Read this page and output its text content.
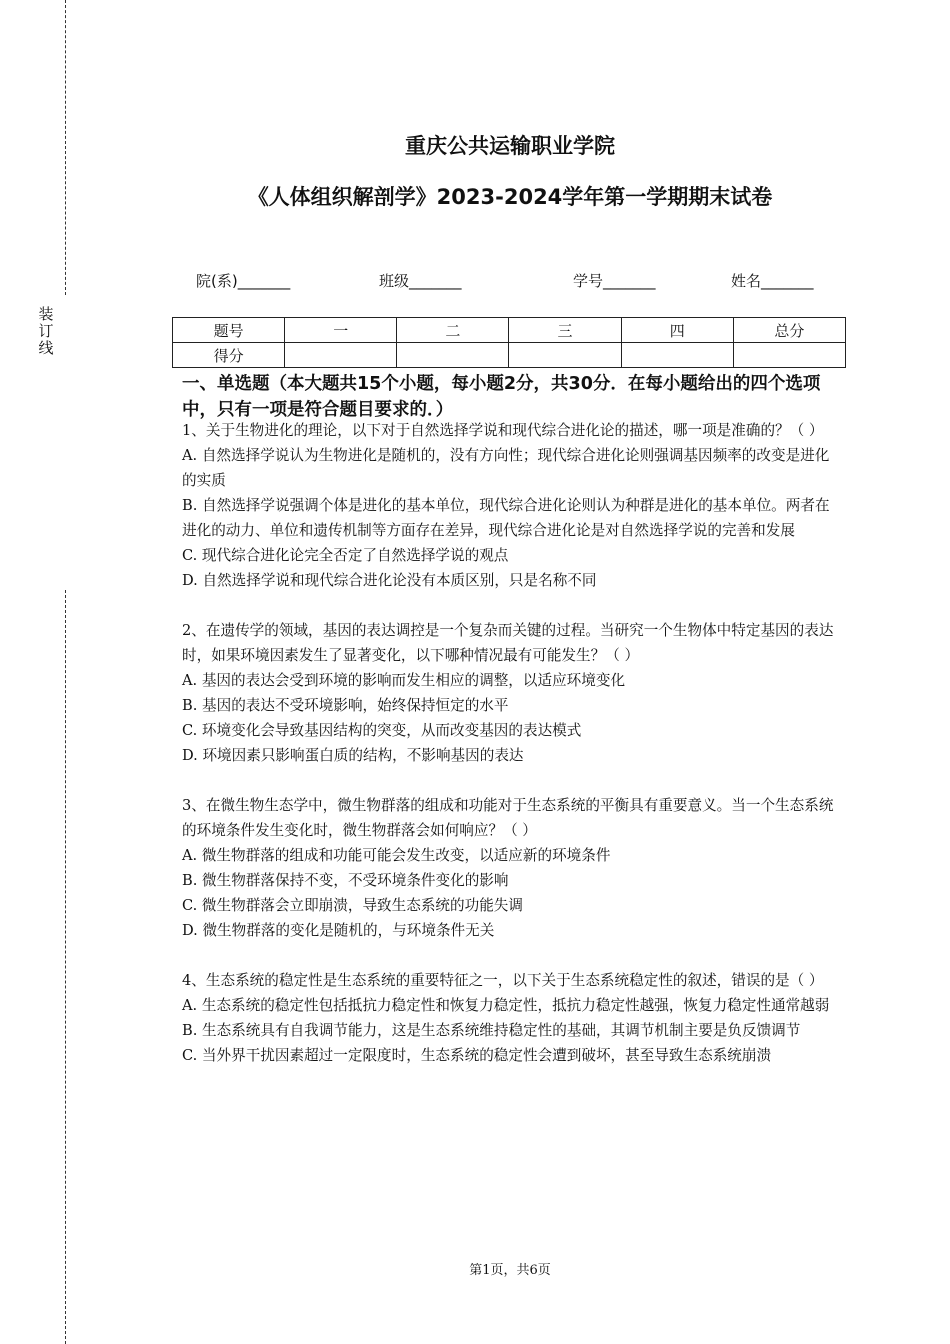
装订线
重庆公共运输职业学院
《人体组织解剖学》2023-2024学年第一学期期末试卷
院(系)_______	班级_______	学号_______	姓名_______
题号	一	二	三	四	总分
得分					
一、单选题（本大题共15个小题，每小题2分，共30分．在每小题给出的四个选项中，只有一项是符合题目要求的．）

1、关于生物进化的理论，以下对于自然选择学说和现代综合进化论的描述，哪一项是准确的？（ ）

A. 自然选择学说认为生物进化是随机的，没有方向性；现代综合进化论则强调基因频率的改变是进化的实质

B. 自然选择学说强调个体是进化的基本单位，现代综合进化论则认为种群是进化的基本单位。两者在进化的动力、单位和遗传机制等方面存在差异，现代综合进化论是对自然选择学说的完善和发展

C. 现代综合进化论完全否定了自然选择学说的观点

D. 自然选择学说和现代综合进化论没有本质区别，只是名称不同

2、在遗传学的领域，基因的表达调控是一个复杂而关键的过程。当研究一个生物体中特定基因的表达时，如果环境因素发生了显著变化，以下哪种情况最有可能发生？（ ）

A. 基因的表达会受到环境的影响而发生相应的调整，以适应环境变化

B. 基因的表达不受环境影响，始终保持恒定的水平

C. 环境变化会导致基因结构的突变，从而改变基因的表达模式

D. 环境因素只影响蛋白质的结构，不影响基因的表达

3、在微生物生态学中，微生物群落的组成和功能对于生态系统的平衡具有重要意义。当一个生态系统的环境条件发生变化时，微生物群落会如何响应？（ ）

A. 微生物群落的组成和功能可能会发生改变，以适应新的环境条件

B. 微生物群落保持不变，不受环境条件变化的影响

C. 微生物群落会立即崩溃，导致生态系统的功能失调

D. 微生物群落的变化是随机的，与环境条件无关

4、生态系统的稳定性是生态系统的重要特征之一，以下关于生态系统稳定性的叙述，错误的是（ ）

A. 生态系统的稳定性包括抵抗力稳定性和恢复力稳定性，抵抗力稳定性越强，恢复力稳定性通常越弱

B. 生态系统具有自我调节能力，这是生态系统维持稳定性的基础，其调节机制主要是负反馈调节

C. 当外界干扰因素超过一定限度时，生态系统的稳定性会遭到破坏，甚至导致生态系统崩溃

第1页，共6页
